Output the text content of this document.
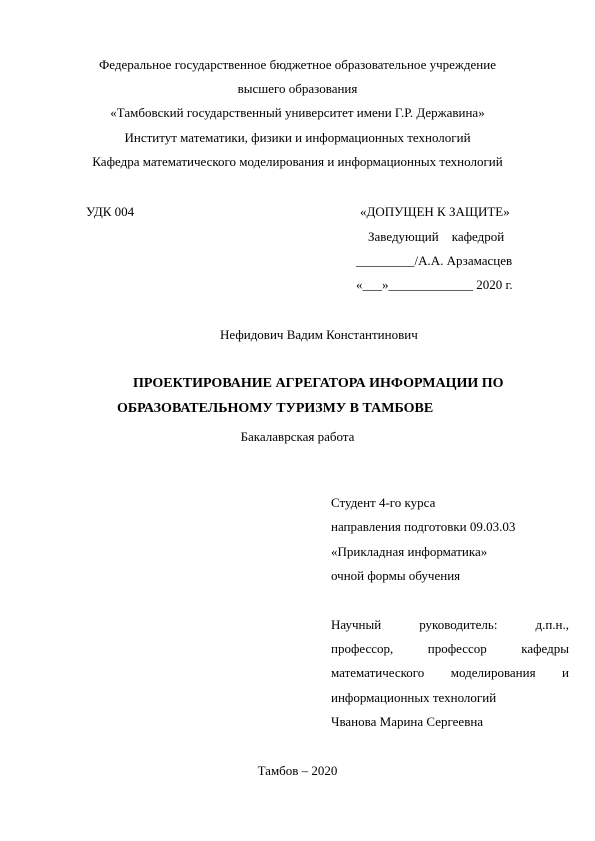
Федеральное государственное бюджетное образовательное учреждение
высшего образования
«Тамбовский государственный университет имени Г.Р. Державина»
Институт математики, физики и информационных технологий
Кафедра математического моделирования и информационных технологий
УДК 004	«ДОПУЩЕН К ЗАЩИТЕ»
Заведующий    кафедрой
_________/А.А. Арзамасцев
«___»_____________ 2020 г.
Нефидович Вадим Константинович
ПРОЕКТИРОВАНИЕ АГРЕГАТОРА ИНФОРМАЦИИ ПО
ОБРАЗОВАТЕЛЬНОМУ ТУРИЗМУ В ТАМБОВЕ
Бакалаврская работа
Студент 4-го курса
направления подготовки 09.03.03
«Прикладная информатика»
очной формы обучения
Научный руководитель: д.п.н.,
профессор, профессор кафедры
математического моделирования и
информационных технологий
Чванова Марина Сергеевна
Тамбов – 2020
